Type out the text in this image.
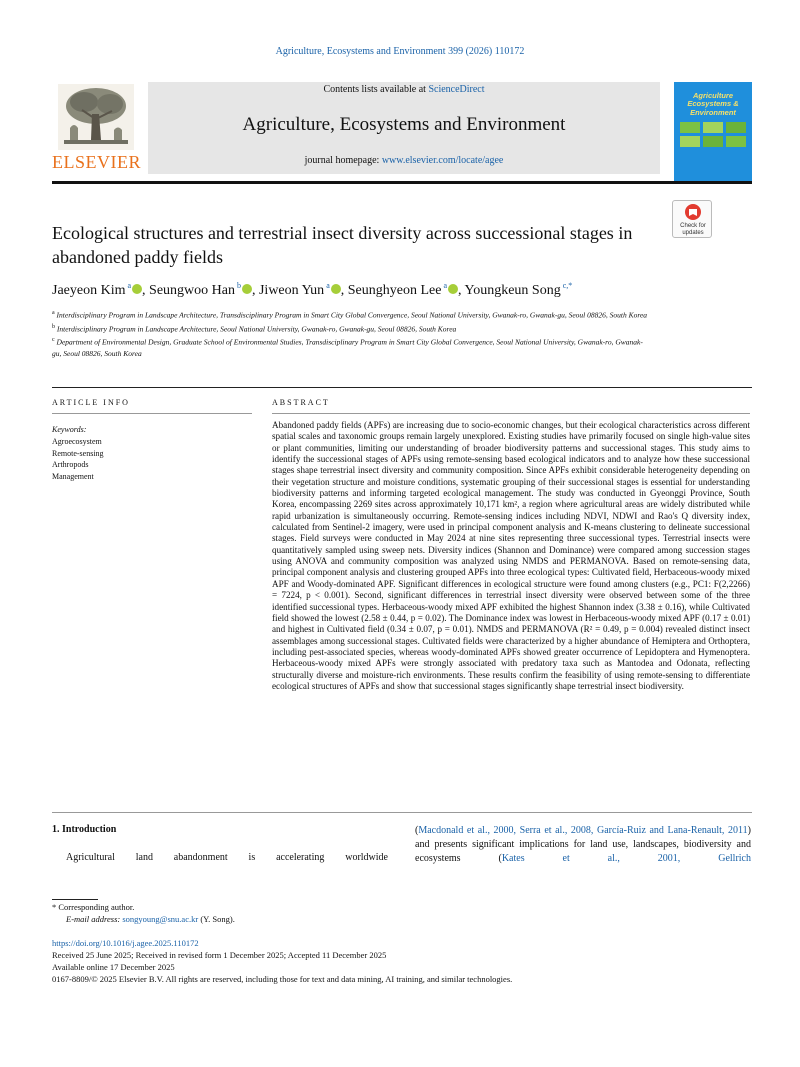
Agriculture, Ecosystems and Environment 399 (2026) 110172
ELSEVIER
Contents lists available at ScienceDirect
Agriculture, Ecosystems and Environment
journal homepage: www.elsevier.com/locate/agee
Agriculture Ecosystems & Environment
Ecological structures and terrestrial insect diversity across successional stages in abandoned paddy fields
Check for updates
Jaeyeon Kim $^a$ , Seungwoo Han $^b$ , Jiweon Yun $^a$ , Seunghyeon Lee $^a$ , Youngkeun Song $^{c,*}$
$^a$ Interdisciplinary Program in Landscape Architecture, Transdisciplinary Program in Smart City Global Convergence, Seoul National University, Gwanak-ro, Gwanak-gu, Seoul 08826, South Korea
$^b$ Interdisciplinary Program in Landscape Architecture, Seoul National University, Gwanak-ro, Gwanak-gu, Seoul 08826, South Korea
$^c$ Department of Environmental Design, Graduate School of Environmental Studies, Transdisciplinary Program in Smart City Global Convergence, Seoul National University, Gwanak-ro, Gwanak-gu, Seoul 08826, South Korea
ARTICLE INFO
Keywords:
Agroecosystem
Remote-sensing
Arthropods
Management
ABSTRACT

Abandoned paddy fields (APFs) are increasing due to socio-economic changes, but their ecological characteristics across different spatial scales and taxonomic groups remain largely unexplored. Existing studies have primarily focused on single high-value sites or plant communities, limiting our understanding of broader biodiversity patterns and successional stages. This study aims to identify the successional stages of APFs using remote-sensing based ecological indicators and to analyze how these successional stages shape terrestrial insect diversity and community composition. Since APFs exhibit considerable heterogeneity depending on their vegetation structure and moisture conditions, systematic grouping of their successional stages is essential for understanding biodiversity patterns and informing targeted ecological management. The study was conducted in Gyeonggi Province, South Korea, encompassing 2269 sites across approximately 10,171 km², a region where agricultural areas are widely distributed while rapid urbanization is simultaneously occurring. Remote-sensing indices including NDVI, NDWI and Rao's Q diversity index, calculated from Sentinel-2 imagery, were used in principal component analysis and K-means clustering to delineate successional stages. Field surveys were conducted in May 2024 at nine sites representing three successional types. Terrestrial insects were quantitatively sampled using sweep nets. Diversity indices (Shannon and Dominance) were compared among succession stages using ANOVA and community composition was analyzed using NMDS and PERMANOVA. Based on remote-sensing data, principal component analysis and clustering grouped APFs into three ecological types: Cultivated field, Herbaceous-woody mixed APF and Woody-dominated APF. Significant differences in ecological structure were found among clusters (e.g., PC1: F(2,2266) = 7224, p < 0.001). Second, significant differences in terrestrial insect diversity were observed between some of the three identified successional types. Herbaceous-woody mixed APF exhibited the highest Shannon index (3.38 ± 0.16), while Cultivated field showed the lowest (2.58 ± 0.44, p = 0.02). The Dominance index was lowest in Herbaceous-woody mixed APF (0.17 ± 0.01) and highest in Cultivated field (0.34 ± 0.07, p = 0.01). NMDS and PERMANOVA (R² = 0.49, p = 0.004) revealed distinct insect assemblages among successional stages. Cultivated fields were characterized by a higher abundance of Hemiptera and Orthoptera, including pest-associated species, whereas woody-dominated APFs showed greater occurrence of Lepidoptera and Hymenoptera. Herbaceous-woody mixed APFs were strongly associated with predatory taxa such as Mantodea and Odonata, reflecting structurally diverse and moisture-rich environments. These results confirm the feasibility of using remote-sensing to differentiate ecological structures of APFs and show that successional stages significantly shape terrestrial insect biodiversity.

1. Introduction

Agricultural land abandonment is accelerating worldwide

(Macdonald et al., 2000, Serra et al., 2008, García-Ruiz and Lana-Renault, 2011) and presents significant implications for land use, landscapes, biodiversity and ecosystems (Kates et al., 2001, Gellrich

* Corresponding author.
E-mail address: songyoung@snu.ac.kr (Y. Song).
https://doi.org/10.1016/j.agee.2025.110172
Received 25 June 2025; Received in revised form 1 December 2025; Accepted 11 December 2025
Available online 17 December 2025
0167-8809/© 2025 Elsevier B.V. All rights are reserved, including those for text and data mining, AI training, and similar technologies.
